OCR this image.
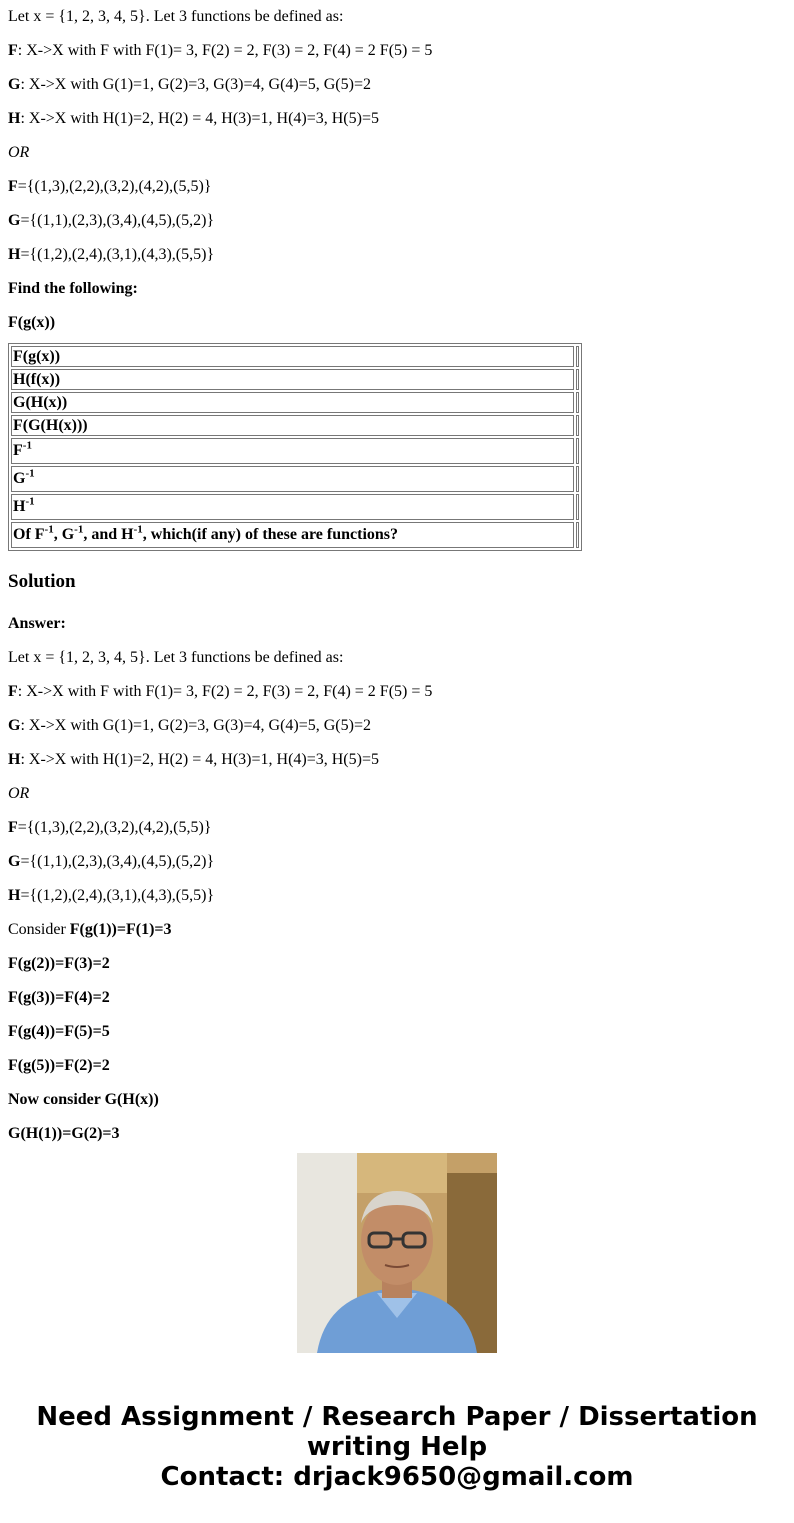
Let x = {1, 2, 3, 4, 5}. Let 3 functions be defined as:

F: X->X with F with F(1)= 3, F(2) = 2, F(3) = 2, F(4) = 2 F(5) = 5

G: X->X with G(1)=1, G(2)=3, G(3)=4, G(4)=5, G(5)=2

H: X->X with H(1)=2, H(2) = 4, H(3)=1, H(4)=3, H(5)=5

OR

F={(1,3),(2,2),(3,2),(4,2),(5,5)}

G={(1,1),(2,3),(3,4),(4,5),(5,2)}

H={(1,2),(2,4),(3,1),(4,3),(5,5)}

Find the following:

F(g(x))

F(g(x))	
H(f(x))	
G(H(x))	
F(G(H(x)))	
$F^{-1}$	
$G^{-1}$	
$H^{-1}$	
Of $F^{-1}$, $G^{-1}$, and $H^{-1}$, which(if any) of these are functions?	
Solution

Answer:

Let x = {1, 2, 3, 4, 5}. Let 3 functions be defined as:

F: X->X with F with F(1)= 3, F(2) = 2, F(3) = 2, F(4) = 2 F(5) = 5

G: X->X with G(1)=1, G(2)=3, G(3)=4, G(4)=5, G(5)=2

H: X->X with H(1)=2, H(2) = 4, H(3)=1, H(4)=3, H(5)=5

OR

F={(1,3),(2,2),(3,2),(4,2),(5,5)}

G={(1,1),(2,3),(3,4),(4,5),(5,2)}

H={(1,2),(2,4),(3,1),(4,3),(5,5)}

Consider F(g(1))=F(1)=3

F(g(2))=F(3)=2

F(g(3))=F(4)=2

F(g(4))=F(5)=5

F(g(5))=F(2)=2

Now consider G(H(x))

G(H(1))=G(2)=3

Need Assignment / Research Paper / Dissertation
writing Help
Contact: drjack9650@gmail.com
